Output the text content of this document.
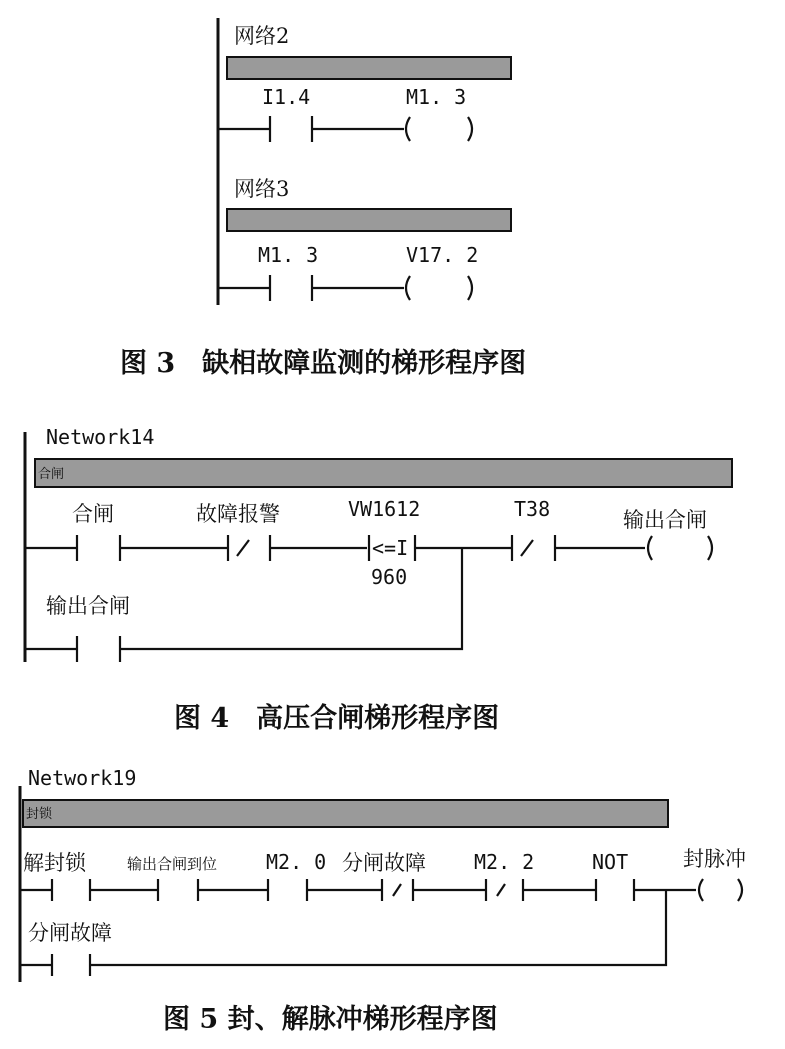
网络2
I1.4	M1. 3
网络3
M1. 3	V17. 2
图 3　缺相故障监测的梯形程序图
Network14
合闸
合闸	故障报警	VW1612	T38	输出合闸
<=I
960
输出合闸
图 4　高压合闸梯形程序图
Network19
封锁
解封锁	输出合闸到位 M2. 0 分闸故障 M2. 2	NOT	封脉冲
分闸故障
图 5 封、解脉冲梯形程序图
